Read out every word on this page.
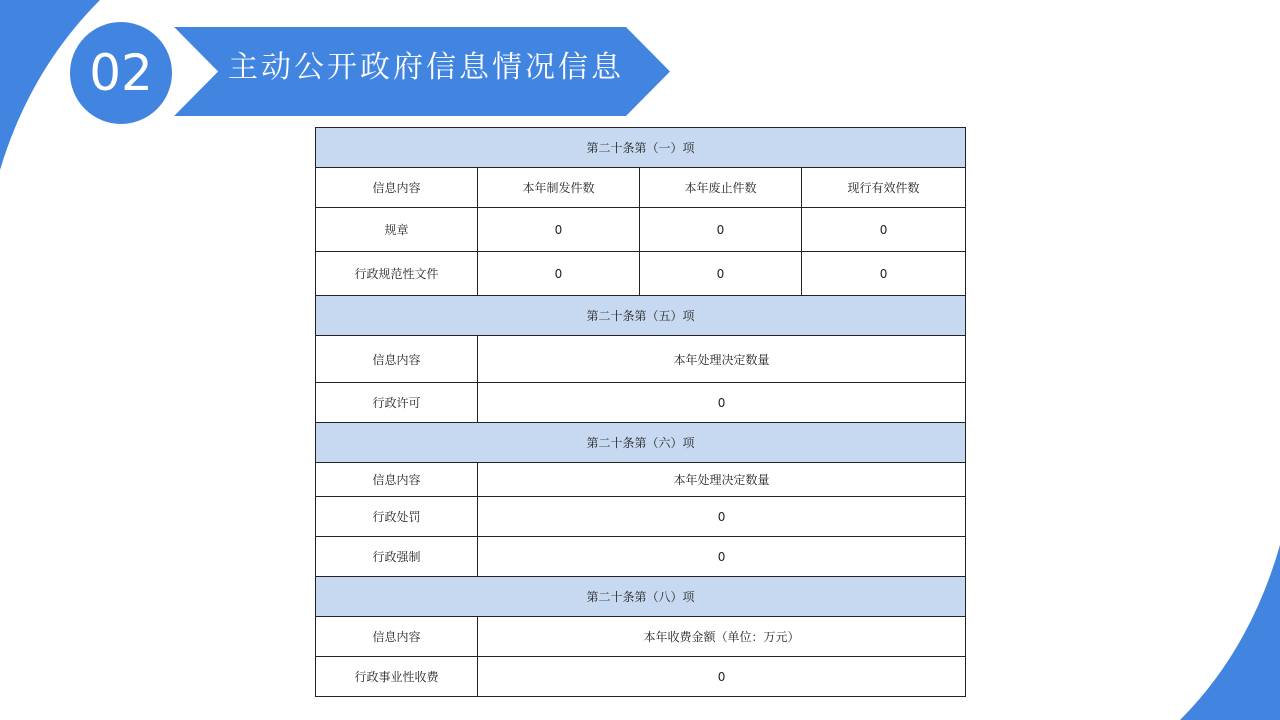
02	主动公开政府信息情况信息
第二十条第（一）项			
信息内容	本年制发件数	本年废止件数	现行有效件数
规章	0	0	0
行政规范性文件	0	0	0
第二十条第（五）项			
信息内容	本年处理决定数量		
行政许可	0		
第二十条第（六）项			
信息内容	本年处理决定数量		
行政处罚	0		
行政强制	0		
第二十条第（八）项			
信息内容	本年收费金额（单位：万元）		
行政事业性收费	0		
